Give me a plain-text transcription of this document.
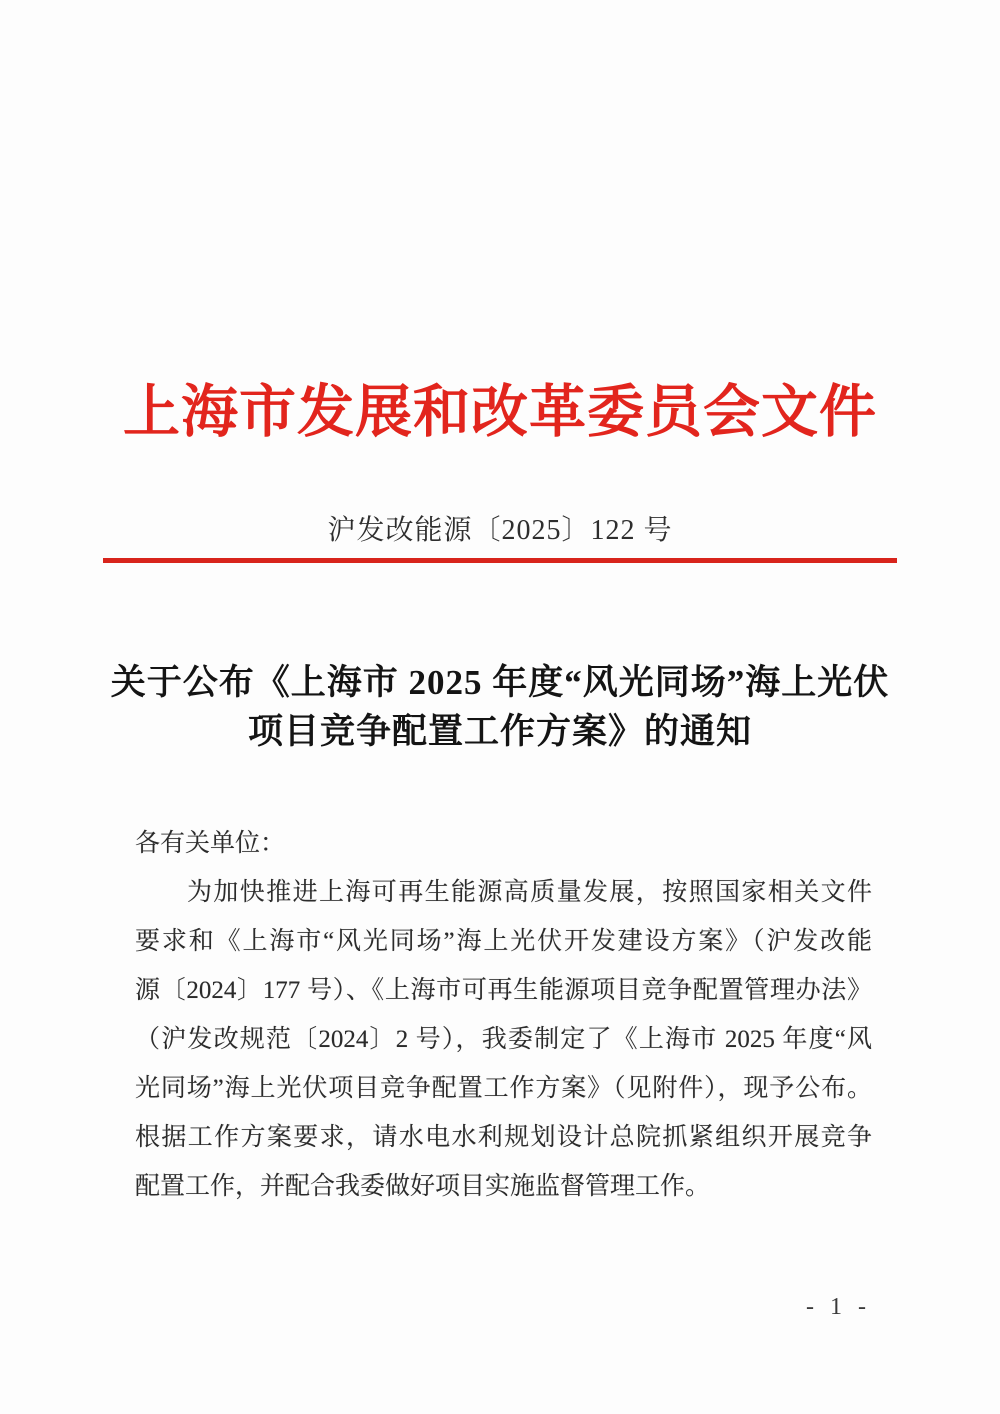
上海市发展和改革委员会文件
沪发改能源〔2025〕122 号
关于公布《上海市 2025 年度“风光同场”海上光伏
项目竞争配置工作方案》的通知
各有关单位：
为加快推进上海可再生能源高质量发展，按照国家相关文件
要求和《上海市“风光同场”海上光伏开发建设方案》（沪发改能
源〔2024〕177 号）、《上海市可再生能源项目竞争配置管理办法》
（沪发改规范〔2024〕2 号），我委制定了《上海市 2025 年度“风
光同场”海上光伏项目竞争配置工作方案》（见附件），现予公布。
根据工作方案要求，请水电水利规划设计总院抓紧组织开展竞争
配置工作，并配合我委做好项目实施监督管理工作。
- 1 -
